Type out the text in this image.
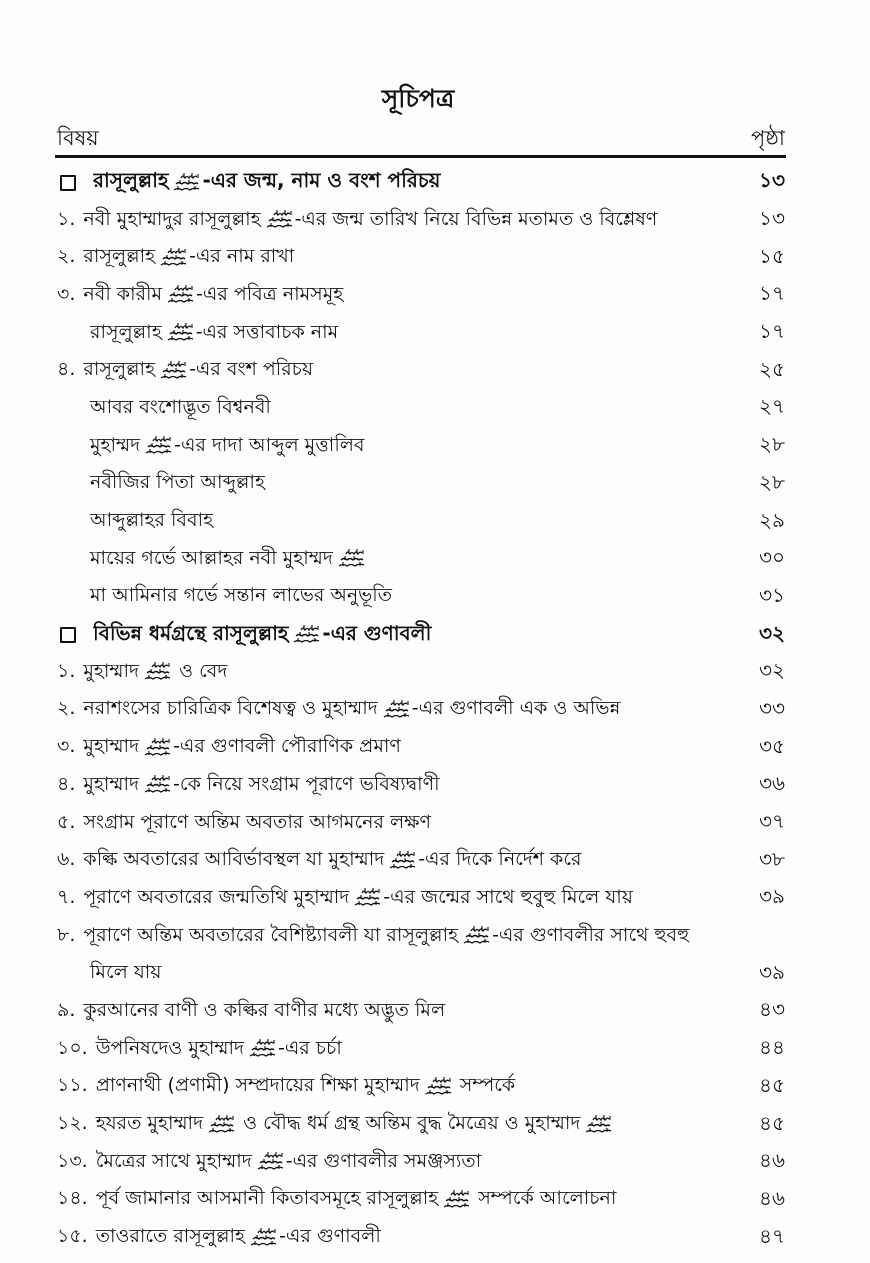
সূচিপত্র
বিষয়	পৃষ্ঠা
রাসূলুল্লাহ -এর জন্ম, নাম ও বংশ পরিচয়	১৩
১. নবী মুহাম্মাদুর রাসূলুল্লাহ -এর জন্ম তারিখ নিয়ে বিভিন্ন মতামত ও বিশ্লেষণ	১৩
২. রাসূলুল্লাহ -এর নাম রাখা	১৫
৩. নবী কারীম -এর পবিত্র নামসমূহ	১৭
রাসূলুল্লাহ -এর সত্তাবাচক নাম	১৭
৪. রাসূলুল্লাহ -এর বংশ পরিচয়	২৫
আবর বংশোদ্ভূত বিশ্বনবী	২৭
মুহাম্মদ -এর দাদা আব্দুল মুত্তালিব	২৮
নবীজির পিতা আব্দুল্লাহ	২৮
আব্দুল্লাহর বিবাহ	২৯
মায়ের গর্ভে আল্লাহর নবী মুহাম্মদ	৩০
মা আমিনার গর্ভে সন্তান লাভের অনুভূতি	৩১
বিভিন্ন ধর্মগ্রন্থে রাসূলুল্লাহ -এর গুণাবলী	৩২
১. মুহাম্মাদ ও বেদ	৩২
২. নরাশংসের চারিত্রিক বিশেষত্ব ও মুহাম্মাদ -এর গুণাবলী এক ও অভিন্ন	৩৩
৩. মুহাম্মাদ -এর গুণাবলী পৌরাণিক প্রমাণ	৩৫
৪. মুহাম্মাদ -কে নিয়ে সংগ্রাম পূরাণে ভবিষ্যদ্বাণী	৩৬
৫. সংগ্রাম পূরাণে অন্তিম অবতার আগমনের লক্ষণ	৩৭
৬. কল্কি অবতারের আবির্ভাবস্থল যা মুহাম্মাদ -এর দিকে নির্দেশ করে	৩৮
৭. পূরাণে অবতারের জন্মতিথি মুহাম্মাদ -এর জন্মের সাথে হুবুহু মিলে যায়	৩৯
৮. পূরাণে অন্তিম অবতারের বৈশিষ্ট্যাবলী যা রাসূলুল্লাহ -এর গুণাবলীর সাথে হুবহু
মিলে যায়	৩৯
৯. কুরআনের বাণী ও কল্কির বাণীর মধ্যে অদ্ভুত মিল	৪৩
১০. উপনিষদেও মুহাম্মাদ -এর চর্চা	৪৪
১১. প্রাণনাথী (প্রণামী) সম্প্রদায়ের শিক্ষা মুহাম্মাদ সম্পর্কে	৪৫
১২. হযরত মুহাম্মাদ ও বৌদ্ধ ধর্ম গ্রন্থ অন্তিম বুদ্ধ মৈত্রেয় ও মুহাম্মাদ	৪৫
১৩. মৈত্রের সাথে মুহাম্মাদ -এর গুণাবলীর সমঞ্জস্যতা	৪৬
১৪. পূর্ব জামানার আসমানী কিতাবসমূহে রাসূলুল্লাহ সম্পর্কে আলোচনা	৪৬
১৫. তাওরাতে রাসূলুল্লাহ -এর গুণাবলী	৪৭
